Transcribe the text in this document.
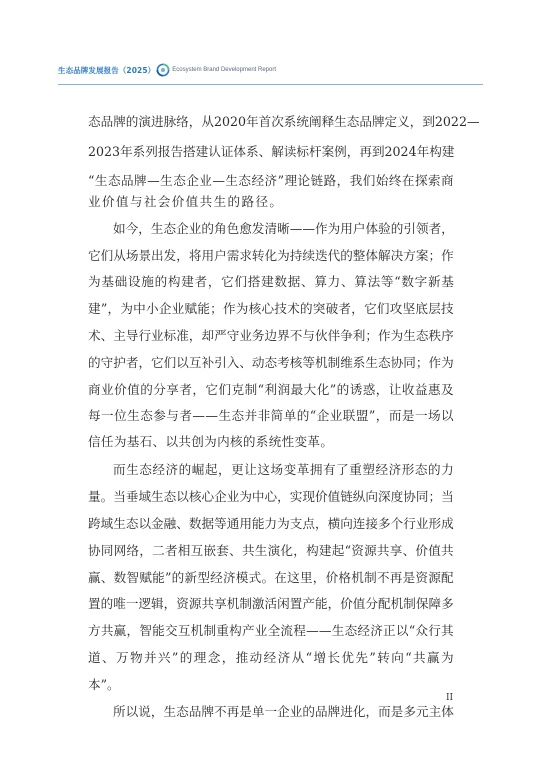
生态品牌发展报告（2025）	Ecosystem Brand Development Report
态 品 牌 的 演 进 脉 络 ， 从 2020 年 首 次 系 统 阐 释 生 态 品 牌 定 义 ， 到 2022 —
2023 年 系 列 报 告 搭 建 认 证 体 系 、 解 读 标 杆 案 例 ， 再 到 2024 年 构 建
“ 生 态 品 牌 — 生 态 企 业 — 生 态 经 济 ” 理 论 链 路 ， 我 们 始 终 在 探 索 商
业 价 值 与 社 会 价 值 共 生 的 路 径 。
如 今 ， 生 态 企 业 的 角 色 愈 发 清 晰 — — 作 为 用 户 体 验 的 引 领 者 ，
它 们 从 场 景 出 发 ， 将 用 户 需 求 转 化 为 持 续 迭 代 的 整 体 解 决 方 案 ； 作
为 基 础 设 施 的 构 建 者 ， 它 们 搭 建 数 据 、 算 力 、 算 法 等 “ 数 字 新 基
建 ” ， 为 中 小 企 业 赋 能 ； 作 为 核 心 技 术 的 突 破 者 ， 它 们 攻 坚 底 层 技
术 、 主 导 行 业 标 准 ， 却 严 守 业 务 边 界 不 与 伙 伴 争 利 ； 作 为 生 态 秩 序
的 守 护 者 ， 它 们 以 互 补 引 入 、 动 态 考 核 等 机 制 维 系 生 态 协 同 ； 作 为
商 业 价 值 的 分 享 者 ， 它 们 克 制 “ 利 润 最 大 化 ” 的 诱 惑 ， 让 收 益 惠 及
每 一 位 生 态 参 与 者 — — 生 态 并 非 简 单 的 “ 企 业 联 盟 ” ， 而 是 一 场 以
信 任 为 基 石 、 以 共 创 为 内 核 的 系 统 性 变 革 。
而 生 态 经 济 的 崛 起 ， 更 让 这 场 变 革 拥 有 了 重 塑 经 济 形 态 的 力
量 。 当 垂 域 生 态 以 核 心 企 业 为 中 心 ， 实 现 价 值 链 纵 向 深 度 协 同 ； 当
跨 域 生 态 以 金 融 、 数 据 等 通 用 能 力 为 支 点 ， 横 向 连 接 多 个 行 业 形 成
协 同 网 络 ， 二 者 相 互 嵌 套 、 共 生 演 化 ， 构 建 起 “ 资 源 共 享 、 价 值 共
赢 、 数 智 赋 能 ” 的 新 型 经 济 模 式 。 在 这 里 ， 价 格 机 制 不 再 是 资 源 配
置 的 唯 一 逻 辑 ， 资 源 共 享 机 制 激 活 闲 置 产 能 ， 价 值 分 配 机 制 保 障 多
方 共 赢 ， 智 能 交 互 机 制 重 构 产 业 全 流 程 — — 生 态 经 济 正 以 “ 众 行 其
道 、 万 物 并 兴 ” 的 理 念 ， 推 动 经 济 从 “ 增 长 优 先 ” 转 向 “ 共 赢 为
本 ” 。
所 以 说 ， 生 态 品 牌 不 再 是 单 一 企 业 的 品 牌 进 化 ， 而 是 多 元 主 体
II
